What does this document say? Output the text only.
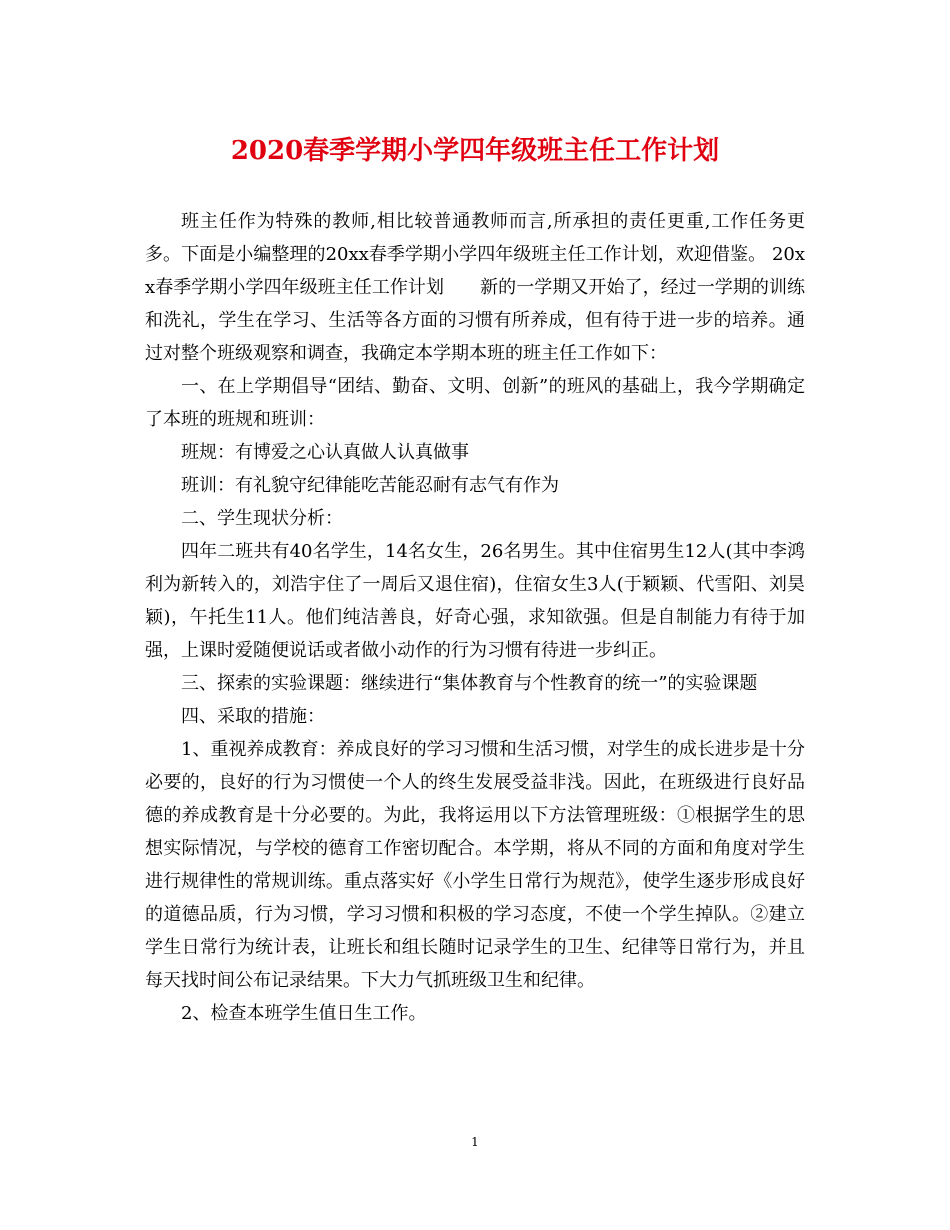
2020春季学期小学四年级班主任工作计划

班主任作为特殊的教师,相比较普通教师而言,所承担的责任更重,工作任务更多。下面是小编整理的20xx春季学期小学四年级班主任工作计划，欢迎借鉴。 20xx春季学期小学四年级班主任工作计划　　新的一学期又开始了，经过一学期的训练和洗礼，学生在学习、生活等各方面的习惯有所养成，但有待于进一步的培养。通过对整个班级观察和调查，我确定本学期本班的班主任工作如下：

一、在上学期倡导“团结、勤奋、文明、创新”的班风的基础上，我今学期确定了本班的班规和班训：

班规：有博爱之心认真做人认真做事

班训：有礼貌守纪律能吃苦能忍耐有志气有作为

二、学生现状分析：

四年二班共有40名学生，14名女生，26名男生。其中住宿男生12人(其中李鸿利为新转入的，刘浩宇住了一周后又退住宿)，住宿女生3人(于颖颖、代雪阳、刘昊颖)，午托生11人。他们纯洁善良，好奇心强，求知欲强。但是自制能力有待于加强，上课时爱随便说话或者做小动作的行为习惯有待进一步纠正。

三、探索的实验课题：继续进行“集体教育与个性教育的统一”的实验课题

四、采取的措施：

1、重视养成教育：养成良好的学习习惯和生活习惯，对学生的成长进步是十分必要的，良好的行为习惯使一个人的终生发展受益非浅。因此，在班级进行良好品德的养成教育是十分必要的。为此，我将运用以下方法管理班级：①根据学生的思想实际情况，与学校的德育工作密切配合。本学期，将从不同的方面和角度对学生进行规律性的常规训练。重点落实好《小学生日常行为规范》，使学生逐步形成良好的道德品质，行为习惯，学习习惯和积极的学习态度，不使一个学生掉队。②建立学生日常行为统计表，让班长和组长随时记录学生的卫生、纪律等日常行为，并且每天找时间公布记录结果。下大力气抓班级卫生和纪律。

2、检查本班学生值日生工作。

1
